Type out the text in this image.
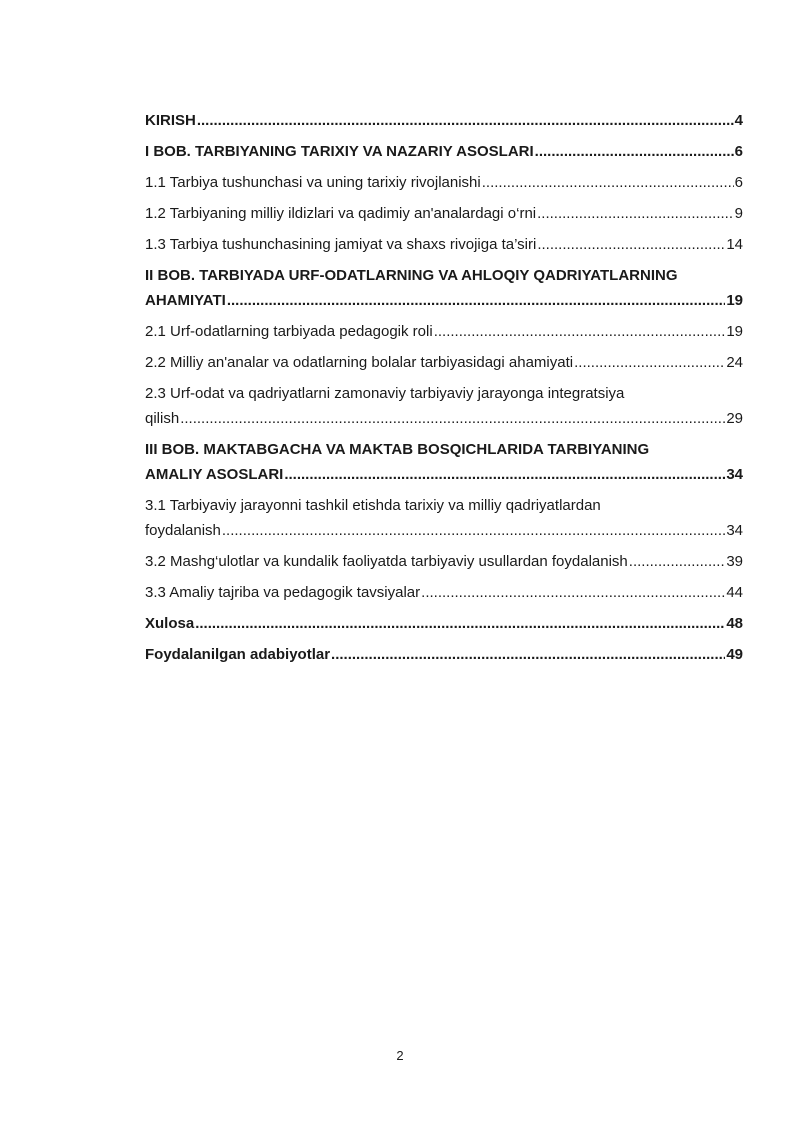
KIRISH .....	4
I BOB. TARBIYANING TARIXIY VA NAZARIY ASOSLARI .....	6
1.1 Tarbiya tushunchasi va uning tarixiy rivojlanishi .....	6
1.2 Tarbiyaning milliy ildizlari va qadimiy an'analardagi o‘rni .....	9
1.3 Tarbiya tushunchasining jamiyat va shaxs rivojiga ta’siri .....	14
II BOB. TARBIYADA URF-ODATLARNING VA AHLOQIY QADRIYATLARNING
AHAMIYATI .....	19
2.1 Urf-odatlarning tarbiyada pedagogik roli .....	19
2.2 Milliy an'analar va odatlarning bolalar tarbiyasidagi ahamiyati .....	24
2.3 Urf-odat va qadriyatlarni zamonaviy tarbiyaviy jarayonga integratsiya
qilish .....	29
III BOB. MAKTABGACHA VA MAKTAB BOSQICHLARIDA TARBIYANING
AMALIY ASOSLARI .....	34
3.1 Tarbiyaviy jarayonni tashkil etishda tarixiy va milliy qadriyatlardan
foydalanish .....	34
3.2 Mashg‘ulotlar va kundalik faoliyatda tarbiyaviy usullardan foydalanish .....	39
3.3 Amaliy tajriba va pedagogik tavsiyalar .....	44
Xulosa .....	48
Foydalanilgan adabiyotlar .....	49
2
